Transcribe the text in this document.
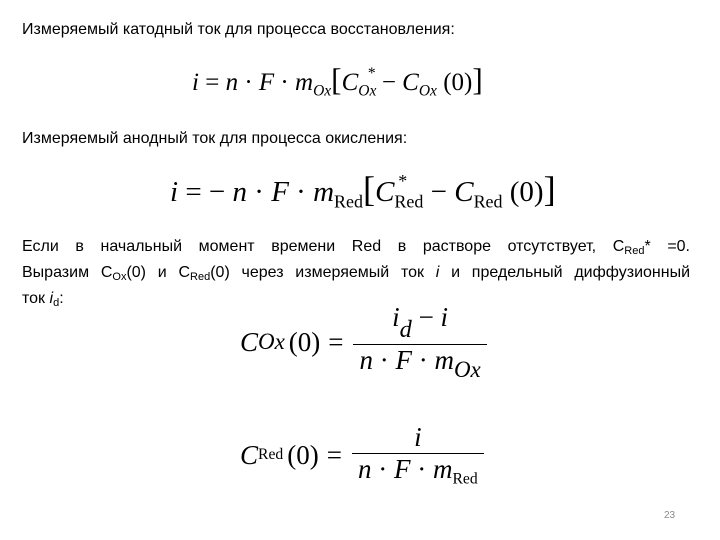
Измеряемый катодный ток для процесса восстановления:
$i = n \cdot F \cdot m_{Ox}[C_{Ox}^* - C_{Ox}$ (0)]
Измеряемый анодный ток для процесса окисления:
i = − $n \cdot F \cdot m_{Red}[C_{Red}^* - C_{Red}$ (0)]
Если в начальный момент времени Red в растворе отсутствует, $С_{Red}* =0$.
Выразим $С_{Ox}(0)$ и $С_{Red}(0)$ через измеряемый ток i и предельный диффузионный
ток $i_d$:
C Ox $(0) = \frac{id - i}{n \cdot F \cdot m_{Ox}}$
C Red $(0) = \frac{i}{n \cdot F \cdot m_{Red}}$
23
